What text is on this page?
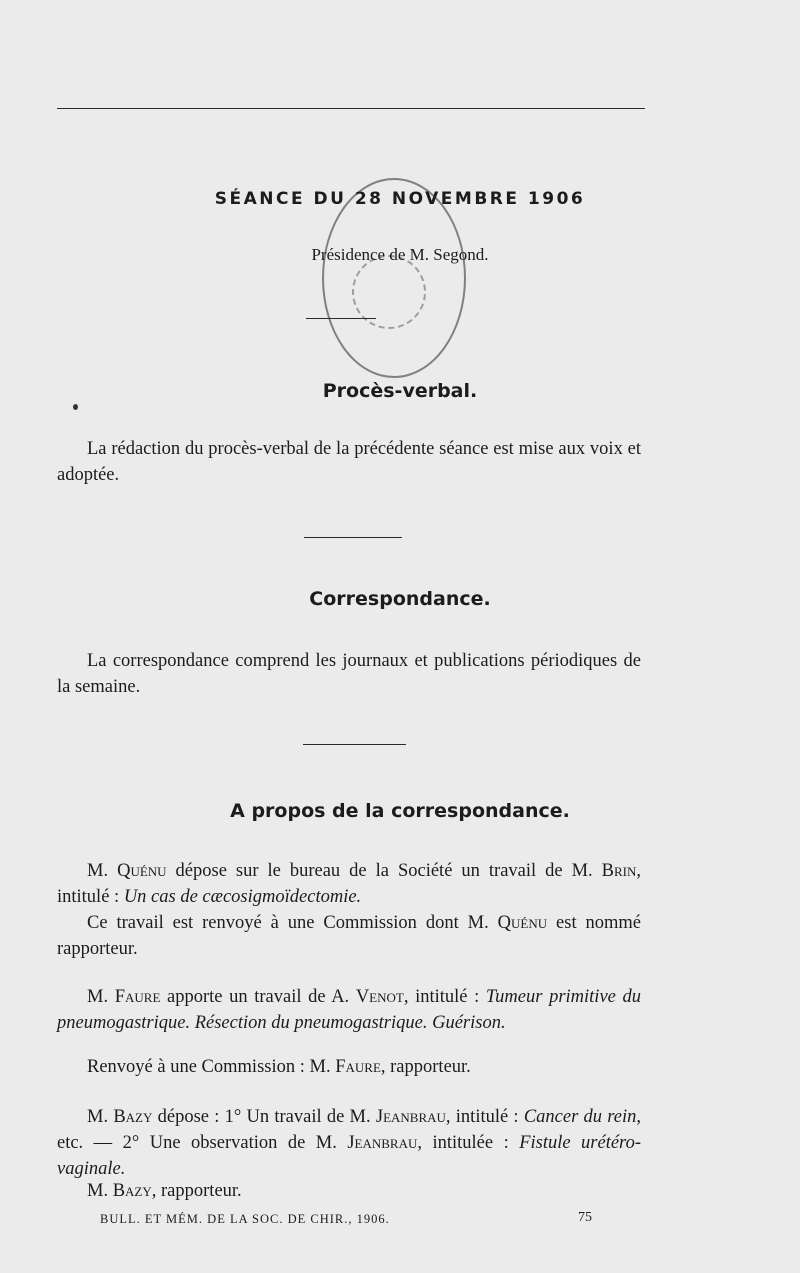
SÉANCE DU 28 NOVEMBRE 1906
Présidence de M. Segond.
Procès-verbal.

La rédaction du procès-verbal de la précédente séance est mise aux voix et adoptée.

Correspondance.

La correspondance comprend les journaux et publications périodiques de la semaine.

A propos de la correspondance.

M. Quénu dépose sur le bureau de la Société un travail de M. Brin, intitulé : Un cas de cæcosigmoïdectomie.

Ce travail est renvoyé à une Commission dont M. Quénu est nommé rapporteur.

M. Faure apporte un travail de A. Venot, intitulé : Tumeur primitive du pneumogastrique. Résection du pneumogastrique. Guérison.

Renvoyé à une Commission : M. Faure, rapporteur.

M. Bazy dépose : 1° Un travail de M. Jeanbrau, intitulé : Cancer du rein, etc. — 2° Une observation de M. Jeanbrau, intitulée : Fistule urétéro-vaginale.

M. Bazy, rapporteur.

BULL. ET MÉM. DE LA SOC. DE CHIR., 1906.	75
